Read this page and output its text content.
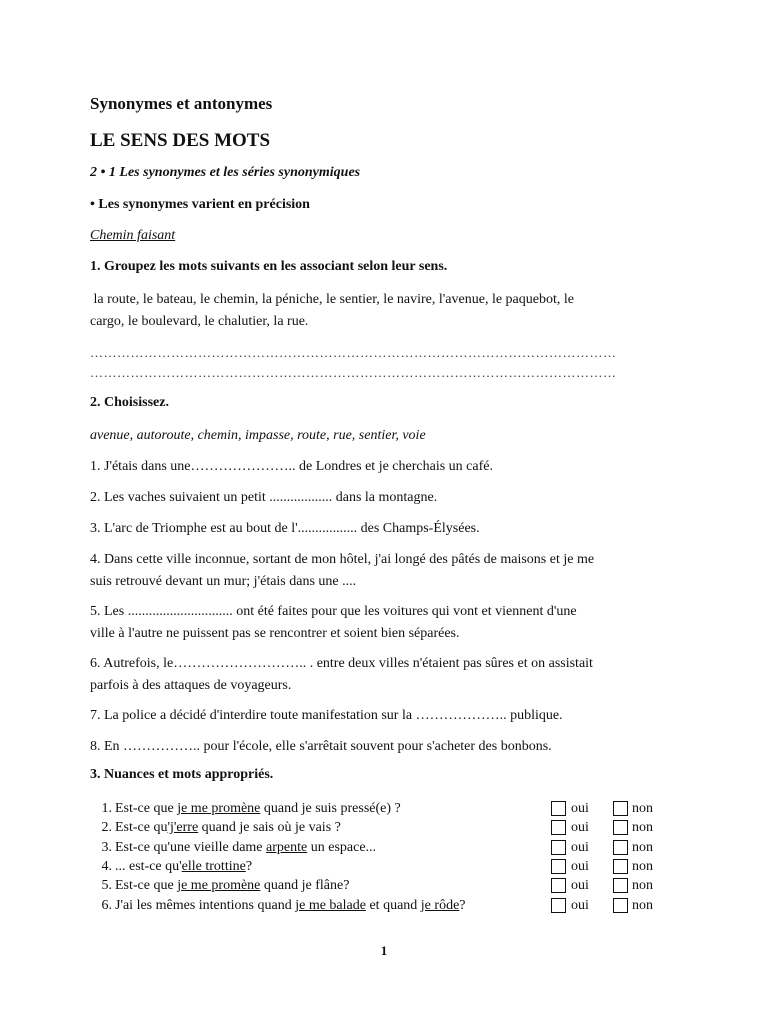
Synonymes et antonymes
LE SENS DES MOTS
2 • 1 Les synonymes et les séries synonymiques
• Les synonymes varient en précision
Chemin faisant
1. Groupez les mots suivants en les associant selon leur sens.
la route, le bateau, le chemin, la péniche, le sentier, le navire, l'avenue, le paquebot, le
cargo, le boulevard, le chalutier, la rue.
………………………………………………………………………………………………………
………………………………………………………………………………………………………
2. Choisissez.
avenue, autoroute, chemin, impasse, route, rue, sentier, voie
1. J'étais dans une………………….. de Londres et je cherchais un café.
2. Les vaches suivaient un petit .................. dans la montagne.
3. L'arc de Triomphe est au bout de l'................. des Champs-Élysées.
4. Dans cette ville inconnue, sortant de mon hôtel, j'ai longé des pâtés de maisons et je me
suis retrouvé devant un mur; j'étais dans une ....
5. Les .............................. ont été faites pour que les voitures qui vont et viennent d'une
ville à l'autre ne puissent pas se rencontrer et soient bien séparées.
6. Autrefois, le……………………….. . entre deux villes n'étaient pas sûres et on assistait
parfois à des attaques de voyageurs.
7. La police a décidé d'interdire toute manifestation sur la ……………….. publique.
8. En …………….. pour l'école, elle s'arrêtait souvent pour s'acheter des bonbons.
3. Nuances et mots appropriés.
1. Est-ce que je me promène quand je suis pressé(e) ?	oui	non
2. Est-ce qu'j'erre quand je sais où je vais ?	oui	non
3. Est-ce qu'une vieille dame arpente un espace...	oui	non
4. ... est-ce qu'elle trottine?	oui	non
5. Est-ce que je me promène quand je flâne?	oui	non
6. J'ai les mêmes intentions quand je me balade et quand je rôde?	oui	non
1
